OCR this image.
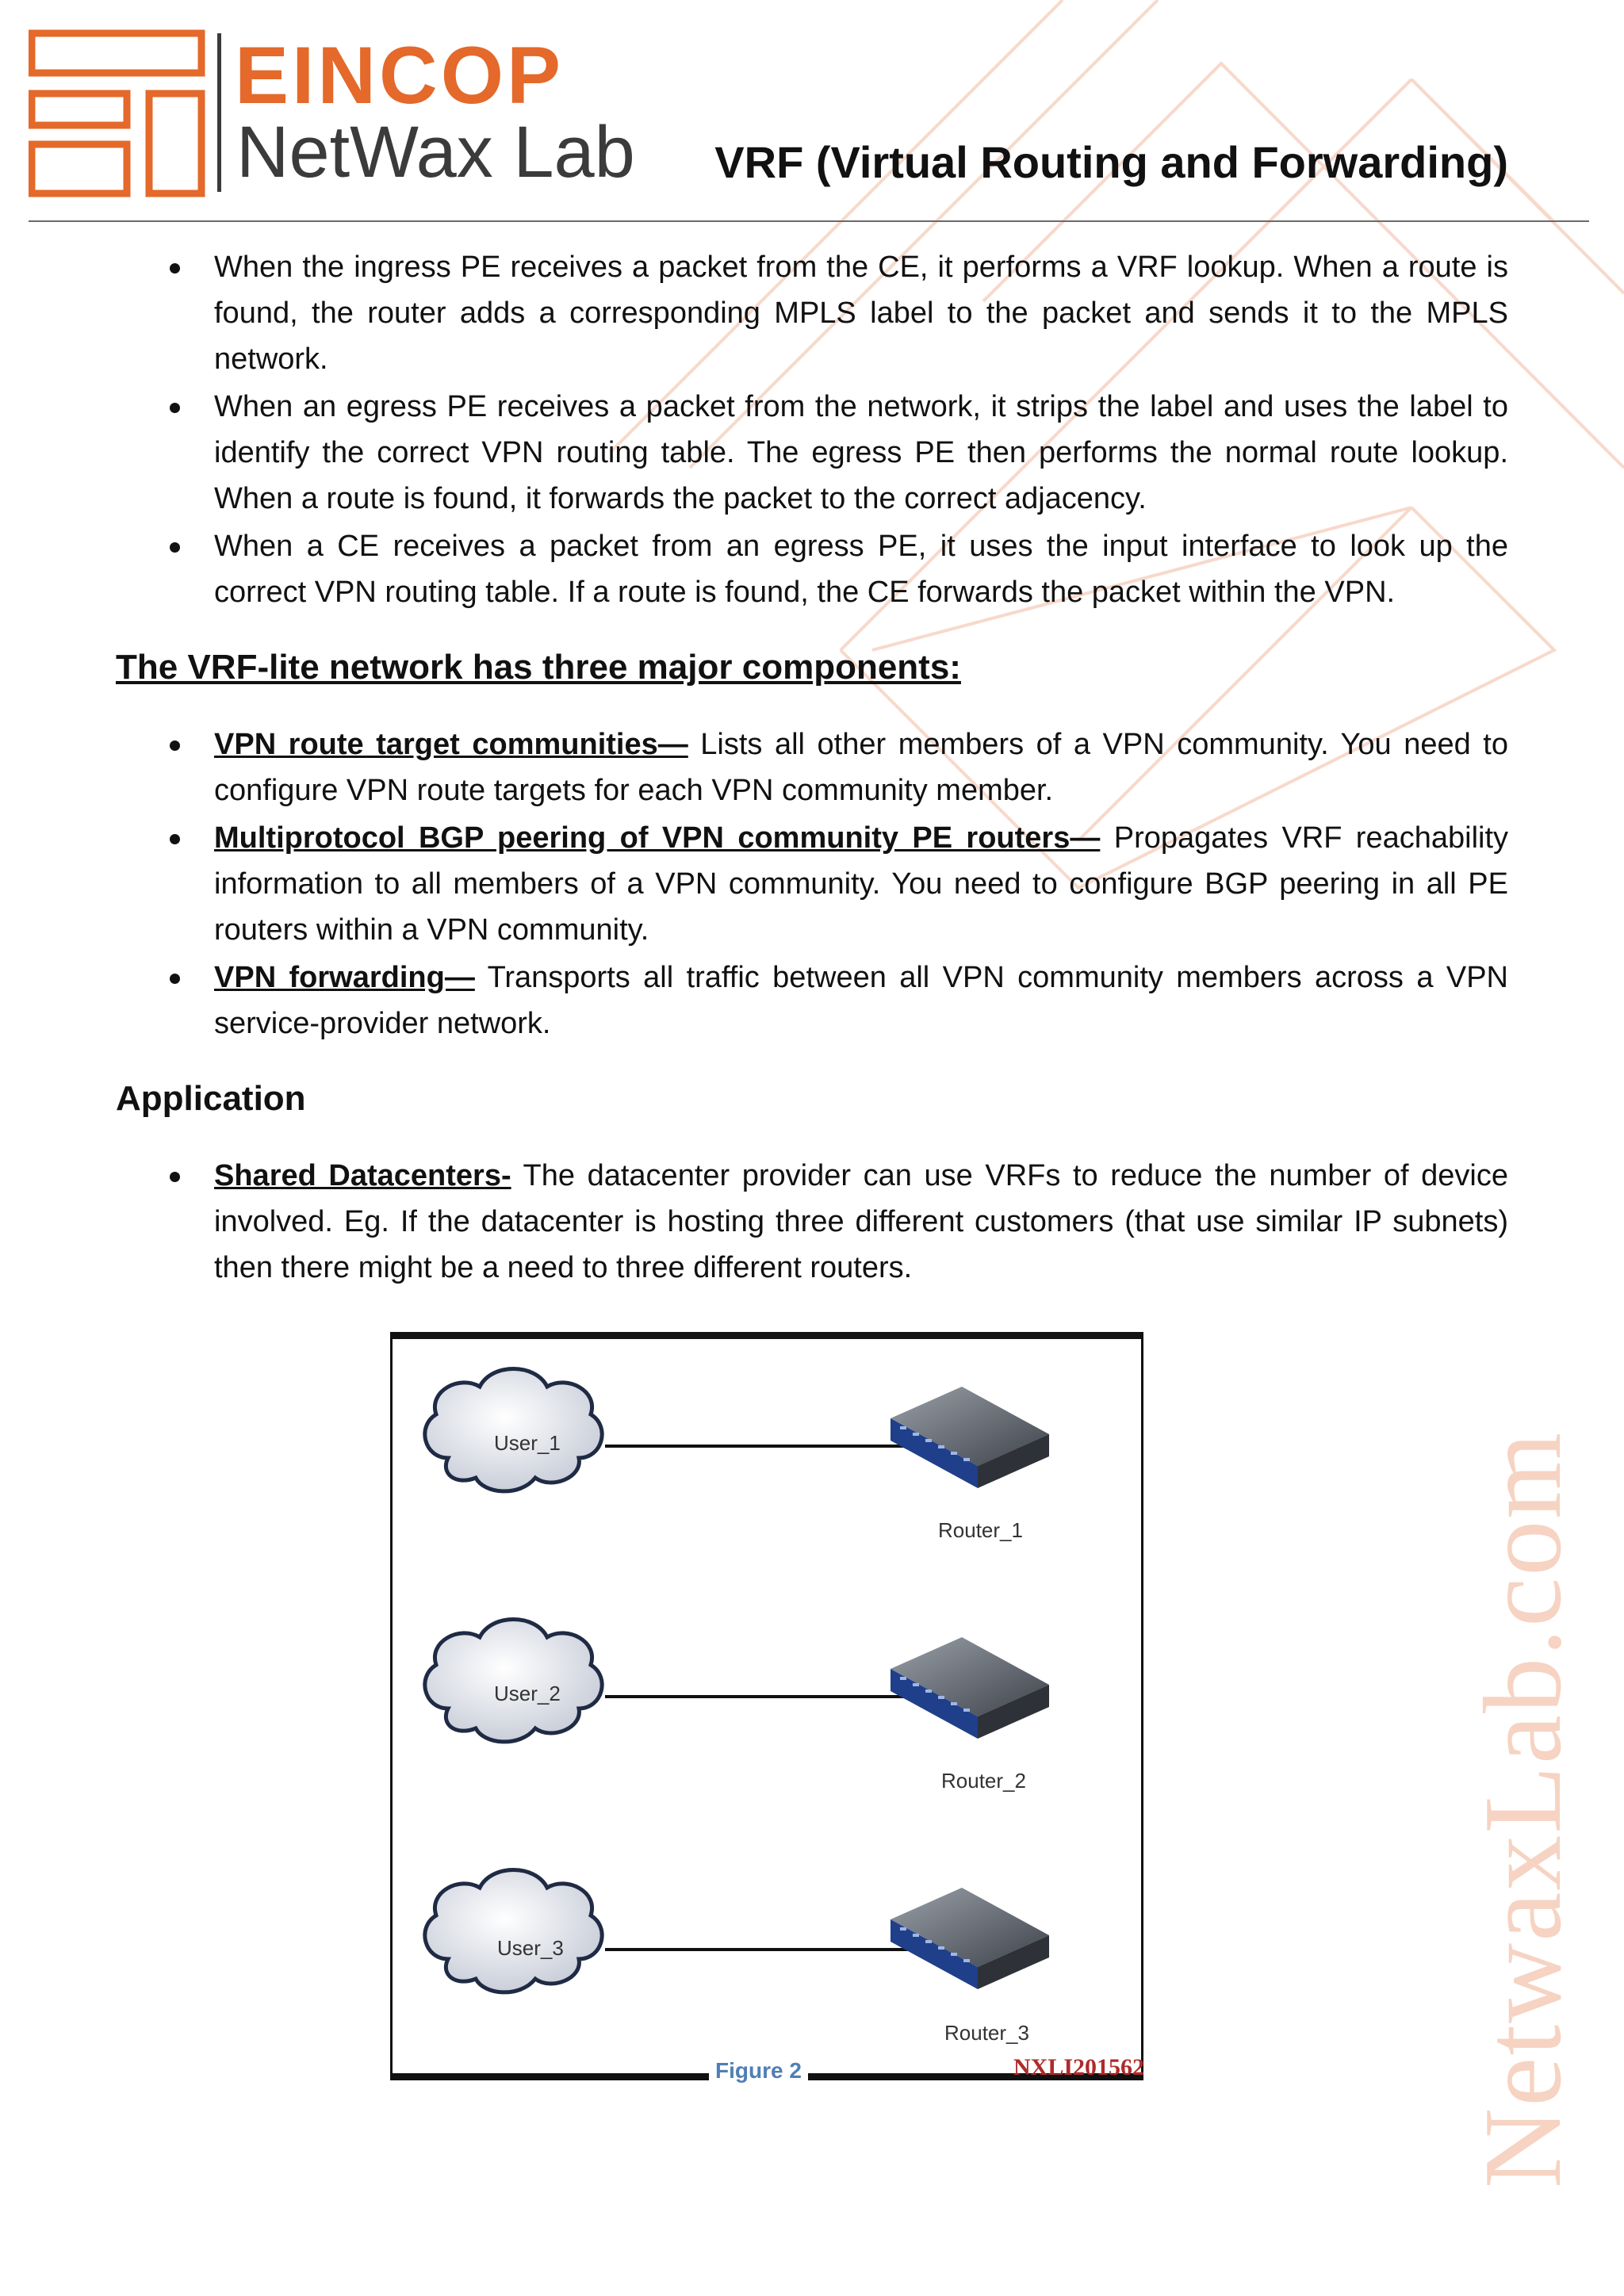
NetwaxLab.com
EINCOP
NetWax Lab VRF (Virtual Routing and Forwarding)
When the ingress PE receives a packet from the CE, it performs a VRF lookup. When a route is found, the router adds a corresponding MPLS label to the packet and sends it to the MPLS network.
When an egress PE receives a packet from the network, it strips the label and uses the label to identify the correct VPN routing table. The egress PE then performs the normal route lookup. When a route is found, it forwards the packet to the correct adjacency.
When a CE receives a packet from an egress PE, it uses the input interface to look up the correct VPN routing table. If a route is found, the CE forwards the packet within the VPN.
The VRF-lite network has three major components:
VPN route target communities— Lists all other members of a VPN community. You need to configure VPN route targets for each VPN community member.
Multiprotocol BGP peering of VPN community PE routers— Propagates VRF reachability information to all members of a VPN community. You need to configure BGP peering in all PE routers within a VPN community.
VPN forwarding— Transports all traffic between all VPN community members across a VPN service-provider network.
Application
Shared Datacenters- The datacenter provider can use VRFs to reduce the number of device involved. Eg. If the datacenter is hosting three different customers (that use similar IP subnets) then there might be a need to three different routers.
User_1
Router_1
User_2
Router_2
User_3
Router_3
Figure 2	NXLI201562
